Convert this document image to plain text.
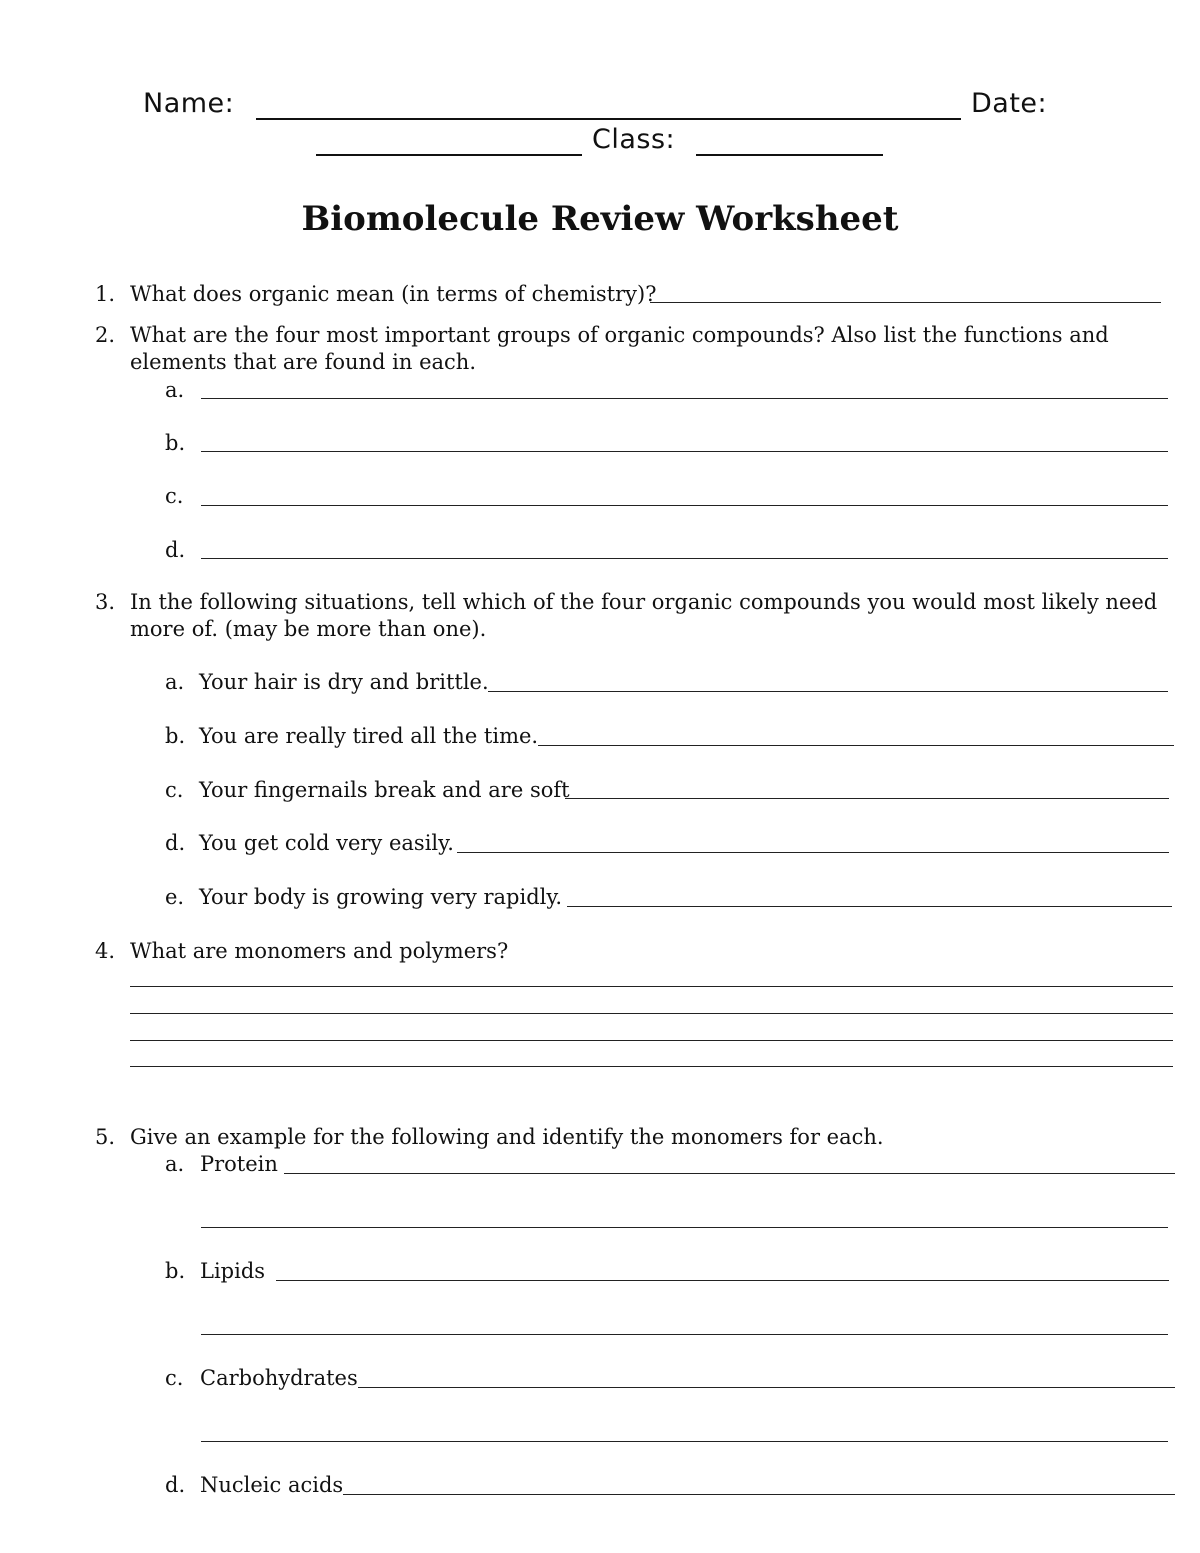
Name:	Date:
Class:
Biomolecule Review Worksheet
1. What does organic mean (in terms of chemistry)?
2. What are the four most important groups of organic compounds? Also list the functions and
elements that are found in each.
a.
b.
c.
d.
3. In the following situations, tell which of the four organic compounds you would most likely need
more of. (may be more than one).
a. Your hair is dry and brittle.
b. You are really tired all the time.
c. Your fingernails break and are soft
d. You get cold very easily.
e. Your body is growing very rapidly.
4. What are monomers and polymers?
5. Give an example for the following and identify the monomers for each.
a. Protein
b. Lipids
c. Carbohydrates
d. Nucleic acids
